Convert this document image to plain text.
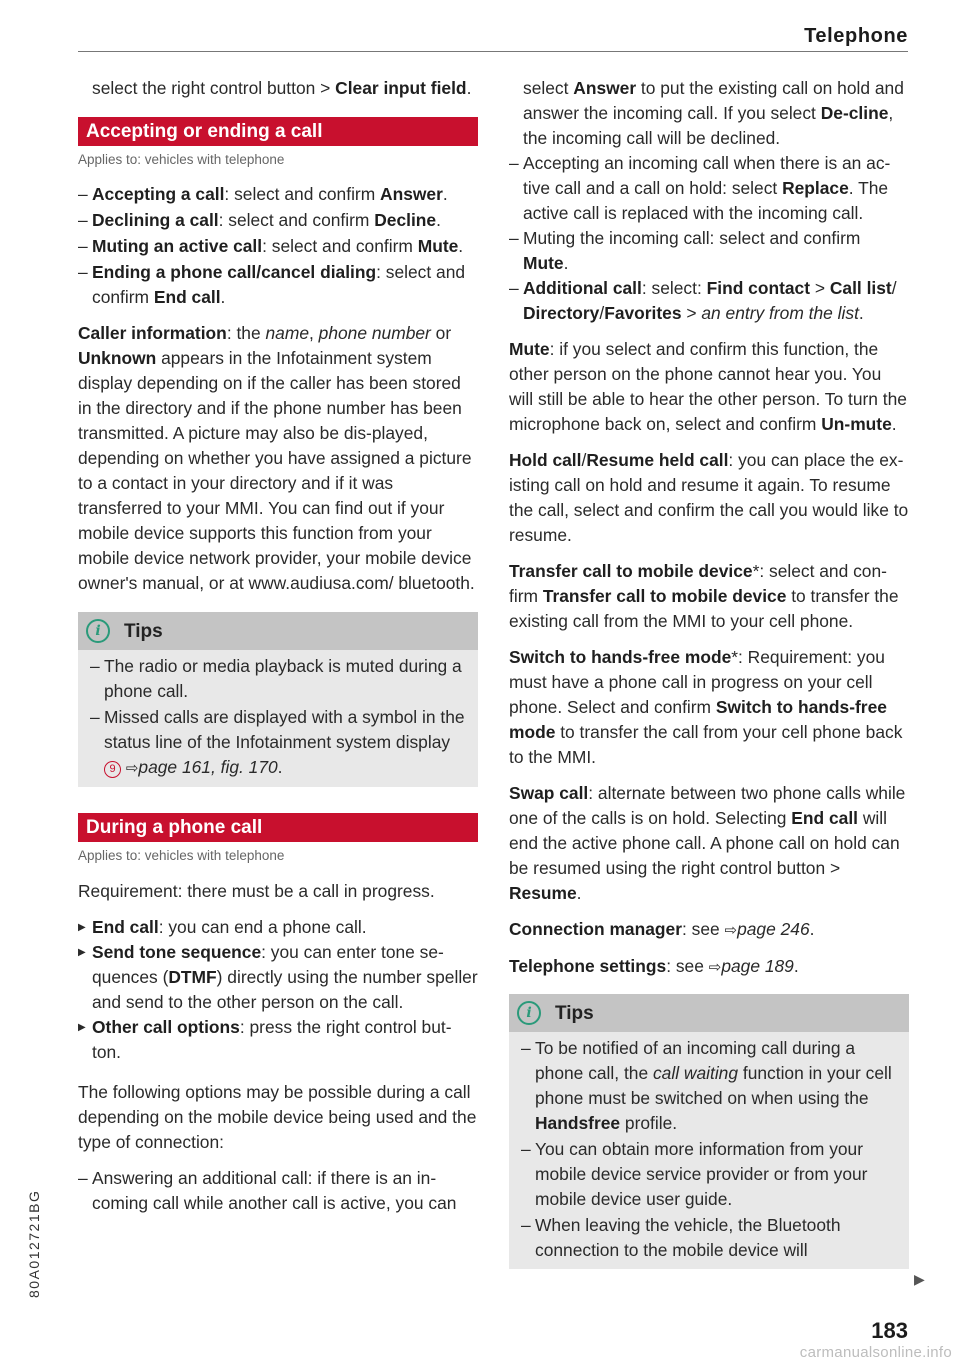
Telephone

select the right control button > Clear input field.

Accepting or ending a call
Applies to: vehicles with telephone

– Accepting a call: select and confirm Answer.

– Declining a call: select and confirm Decline.

– Muting an active call: select and confirm Mute.

– Ending a phone call/cancel dialing: select and confirm End call.

Caller information: the name, phone number or Unknown appears in the Infotainment system display depending on if the caller has been stored in the directory and if the phone number has been transmitted. A picture may also be dis-played, depending on whether you have assigned a picture to a contact in your directory and if it was transferred to your MMI. You can find out if your mobile device supports this function from your mobile device network provider, your mobile device owner's manual, or at www.audiusa.com/ bluetooth.

i	Tips

– The radio or media playback is muted during a phone call.

– Missed calls are displayed with a symbol in the status line of the Infotainment system display 9 ⇨page 161, fig. 170.

During a phone call
Applies to: vehicles with telephone

Requirement: there must be a call in progress.

▶ End call: you can end a phone call.

▶ Send tone sequence: you can enter tone se-quences (DTMF) directly using the number speller and send to the other person on the call.

▶ Other call options: press the right control but-ton.

The following options may be possible during a call depending on the mobile device being used and the type of connection:

– Answering an additional call: if there is an in-coming call while another call is active, you can

select Answer to put the existing call on hold and answer the incoming call. If you select De-cline, the incoming call will be declined.

– Accepting an incoming call when there is an ac-tive call and a call on hold: select Replace. The active call is replaced with the incoming call.

– Muting the incoming call: select and confirm Mute.

– Additional call: select: Find contact > Call list/ Directory/Favorites > an entry from the list.

Mute: if you select and confirm this function, the other person on the phone cannot hear you. You will still be able to hear the other person. To turn the microphone back on, select and confirm Un-mute.

Hold call/Resume held call: you can place the ex-isting call on hold and resume it again. To resume the call, select and confirm the call you would like to resume.

Transfer call to mobile device*: select and con-firm Transfer call to mobile device to transfer the existing call from the MMI to your cell phone.

Switch to hands-free mode*: Requirement: you must have a phone call in progress on your cell phone. Select and confirm Switch to hands-free mode to transfer the call from your cell phone back to the MMI.

Swap call: alternate between two phone calls while one of the calls is on hold. Selecting End call will end the active phone call. A phone call on hold can be resumed using the right control button > Resume.

Connection manager: see ⇨page 246.

Telephone settings: see ⇨page 189.

i	Tips

– To be notified of an incoming call during a phone call, the call waiting function in your cell phone must be switched on when using the Handsfree profile.

– You can obtain more information from your mobile device service provider or from your mobile device user guide.

– When leaving the vehicle, the Bluetooth connection to the mobile device will

▶
80A012721BG
183
carmanualsonline.info
